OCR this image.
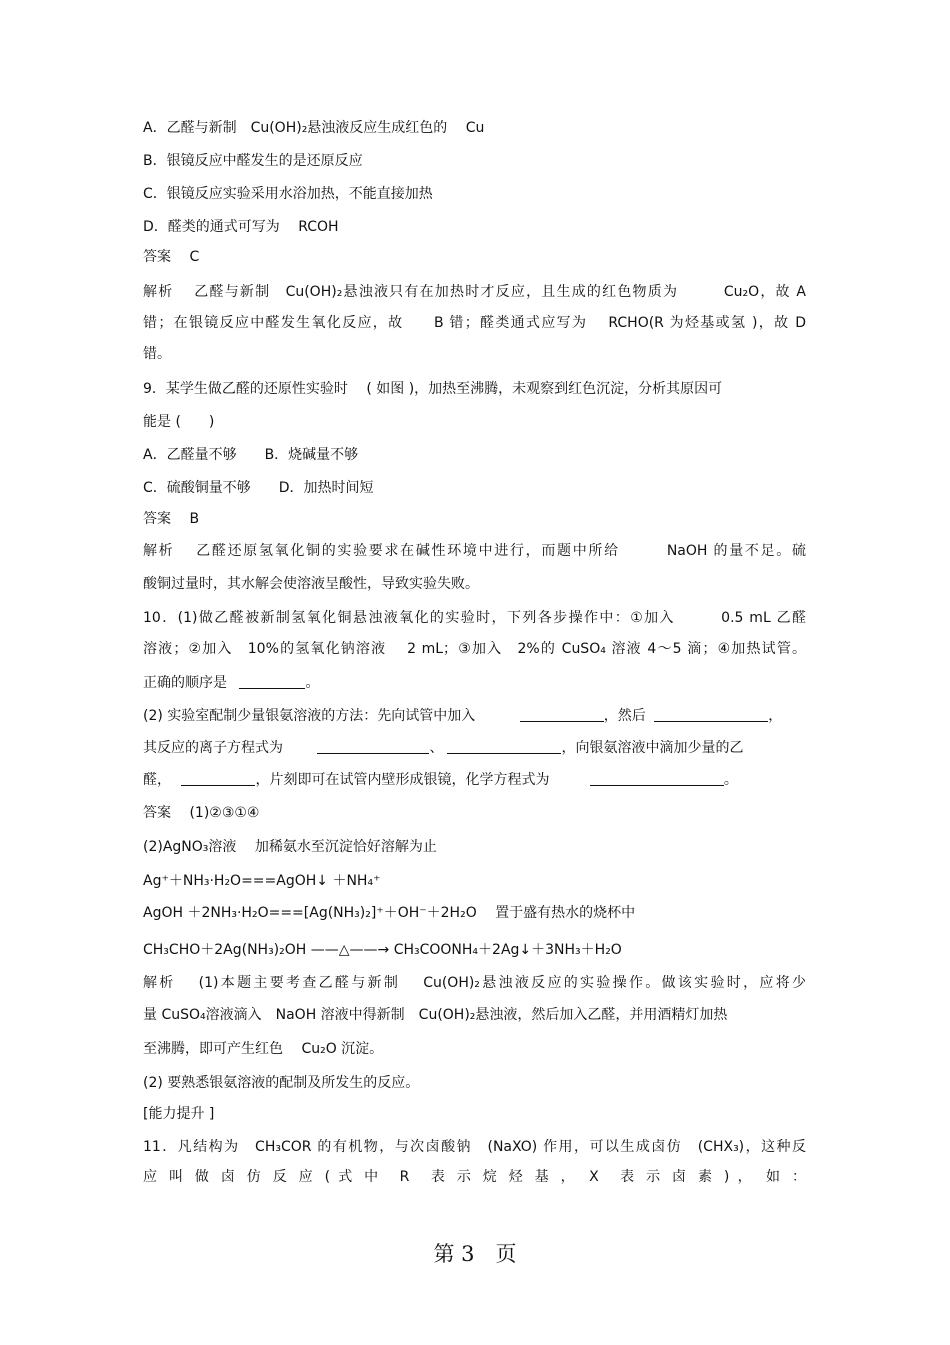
A．乙醛与新制　Cu(OH)₂悬浊液反应生成红色的　 Cu
B．银镜反应中醛发生的是还原反应
C．银镜反应实验采用水浴加热，不能直接加热
D．醛类的通式可写为　 RCOH
答案　 C
解析　 乙醛与新制　Cu(OH)₂悬浊液只有在加热时才反应，且生成的红色物质为　　　Cu₂O，故 A
错；在银镜反应中醛发生氧化反应，故　　B 错；醛类通式应写为　 RCHO(R 为烃基或氢 )，故 D
错。
9．某学生做乙醛的还原性实验时　 ( 如图 )，加热至沸腾，未观察到红色沉淀，分析其原因可
能是 (　　)
A．乙醛量不够　　B．烧碱量不够
C．硫酸铜量不够　　D．加热时间短
答案　 B
解析　 乙醛还原氢氧化铜的实验要求在碱性环境中进行，而题中所给　　　NaOH 的量不足。硫
酸铜过量时，其水解会使溶液呈酸性，导致实验失败。
10．(1)做乙醛被新制氢氧化铜悬浊液氧化的实验时，下列各步操作中：①加入　　　0.5 mL 乙醛
溶液；②加入　10%的氢氧化钠溶液　 2 mL；③加入　2%的 CuSO₄ 溶液 4～5 滴；④加热试管。
正确的顺序是	。
(2) 实验室配制少量银氨溶液的方法：先向试管中加入	，然后	，
其反应的离子方程式为	、	，向银氨溶液中滴加少量的乙
醛，	，片刻即可在试管内壁形成银镜，化学方程式为	。
答案　 (1)②③①④
(2)AgNO₃溶液　 加稀氨水至沉淀恰好溶解为止
Ag⁺＋NH₃·H₂O===AgOH↓ ＋NH₄⁺
AgOH ＋2NH₃·H₂O===[Ag(NH₃)₂]⁺＋OH⁻＋2H₂O　 置于盛有热水的烧杯中
CH₃CHO＋2Ag(NH₃)₂OH ——△——→ CH₃COONH₄＋2Ag↓＋3NH₃＋H₂O
解析　 (1)本题主要考查乙醛与新制　 Cu(OH)₂悬浊液反应的实验操作。做该实验时，应将少
量 CuSO₄溶液滴入　NaOH 溶液中得新制　Cu(OH)₂悬浊液，然后加入乙醛，并用酒精灯加热
至沸腾，即可产生红色　 Cu₂O 沉淀。
(2) 要熟悉银氨溶液的配制及所发生的反应。
[能力提升 ]
11．凡结构为　CH₃COR 的有机物，与次卤酸钠　(NaXO) 作用，可以生成卤仿　(CHX₃)，这种反
应 叫 做 卤 仿 反 应 ( 式 中　R　表 示 烷 烃 基 ，　X　表 示 卤 素 ) ，　如 ：
第 3　页
